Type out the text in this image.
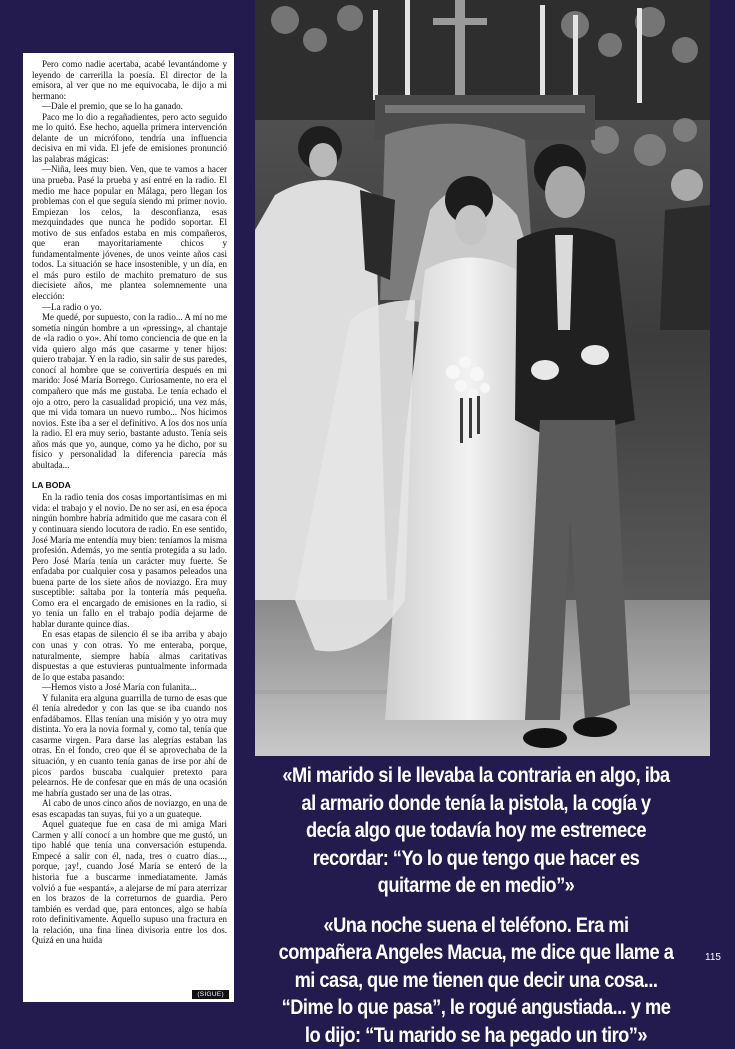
Pero como nadie acertaba, acabé levantándome y leyendo de carrerilla la poesía. El director de la emisora, al ver que no me equivocaba, le dijo a mi hermano:

—Dale el premio, que se lo ha ganado.

Paco me lo dio a regañadientes, pero acto seguido me lo quitó. Ese hecho, aquella primera intervención delante de un micrófono, tendría una influencia decisiva en mi vida. El jefe de emisiones pronunció las palabras mágicas:

—Niña, lees muy bien. Ven, que te vamos a hacer una prueba. Pasé la prueba y así entré en la radio. El medio me hace popular en Málaga, pero llegan los problemas con el que seguía siendo mi primer novio. Empiezan los celos, la desconfianza, esas mezquindades que nunca he podido soportar. El motivo de sus enfados estaba en mis compañeros, que eran mayoritariamente chicos y fundamentalmente jóvenes, de unos veinte años casi todos. La situación se hace insostenible, y un día, en el más puro estilo de machito prematuro de sus diecisiete años, me plantea solemnemente una elección:

—La radio o yo.

Me quedé, por supuesto, con la radio... A mí no me sometía ningún hombre a un «pressing», al chantaje de «la radio o yo». Ahí tomo conciencia de que en la vida quiero algo más que casarme y tener hijos: quiero trabajar. Y en la radio, sin salir de sus paredes, conocí al hombre que se convertiría después en mi marido: José María Borrego. Curiosamente, no era el compañero que más me gustaba. Le tenía echado el ojo a otro, pero la casualidad propició, una vez más, que mi vida tomara un nuevo rumbo... Nos hicimos novios. Este iba a ser el definitivo. A los dos nos unía la radio. El era muy serio, bastante adusto. Tenía seis años más que yo, aunque, como ya he dicho, por su físico y personalidad la diferencia parecía más abultada...

LA BODA

En la radio tenía dos cosas importantísimas en mi vida: el trabajo y el novio. De no ser así, en esa época ningún hombre habría admitido que me casara con él y continuara siendo locutora de radio. En ese sentido, José María me entendía muy bien: teníamos la misma profesión. Además, yo me sentía protegida a su lado. Pero José María tenía un carácter muy fuerte. Se enfadaba por cualquier cosa y pasamos peleados una buena parte de los siete años de noviazgo. Era muy susceptible: saltaba por la tontería más pequeña. Como era el encargado de emisiones en la radio, si yo tenía un fallo en el trabajo podía dejarme de hablar durante quince días.

En esas etapas de silencio él se iba arriba y abajo con unas y con otras. Yo me enteraba, porque, naturalmente, siempre había almas caritativas dispuestas a que estuvieras puntualmente informada de lo que estaba pasando:

—Hemos visto a José María con fulanita...

Y fulanita era alguna guarrilla de turno de esas que él tenía alrededor y con las que se iba cuando nos enfadábamos. Ellas tenían una misión y yo otra muy distinta. Yo era la novia formal y, como tal, tenía que casarme virgen. Para darse las alegrías estaban las otras. En el fondo, creo que él se aprovechaba de la situación, y en cuanto tenía ganas de irse por ahí de picos pardos buscaba cualquier pretexto para pelearnos. He de confesar que en más de una ocasión me habría gustado ser una de las otras.

Al cabo de unos cinco años de noviazgo, en una de esas escapadas tan suyas, fui yo a un guateque.

Aquel guateque fue en casa de mi amiga Mari Carmen y allí conocí a un hombre que me gustó, un tipo hablé que tenía una conversación estupenda. Empecé a salir con él, nada, tres o cuatro días..., porque, ¡ay!, cuando José María se enteró de la historia fue a buscarme inmediatamente. Jamás volvió a fue «espantá», a alejarse de mí para aterrizar en los brazos de la correturnos de guardia. Pero también es verdad que, para entonces, algo se había roto definitivamente. Aquello supuso una fractura en la relación, una fina línea divisoria entre los dos. Quizá en una huida

(SIGUE)

«Mi marido si le llevaba la contraria en algo, iba al armario donde tenía la pistola, la cogía y decía algo que todavía hoy me estremece recordar: “Yo lo que tengo que hacer es quitarme de en medio”»

«Una noche suena el teléfono. Era mi compañera Angeles Macua, me dice que llame a mi casa, que me tienen que decir una cosa... “Dime lo que pasa”, le rogué angustiada... y me lo dijo: “Tu marido se ha pegado un tiro”»

115
